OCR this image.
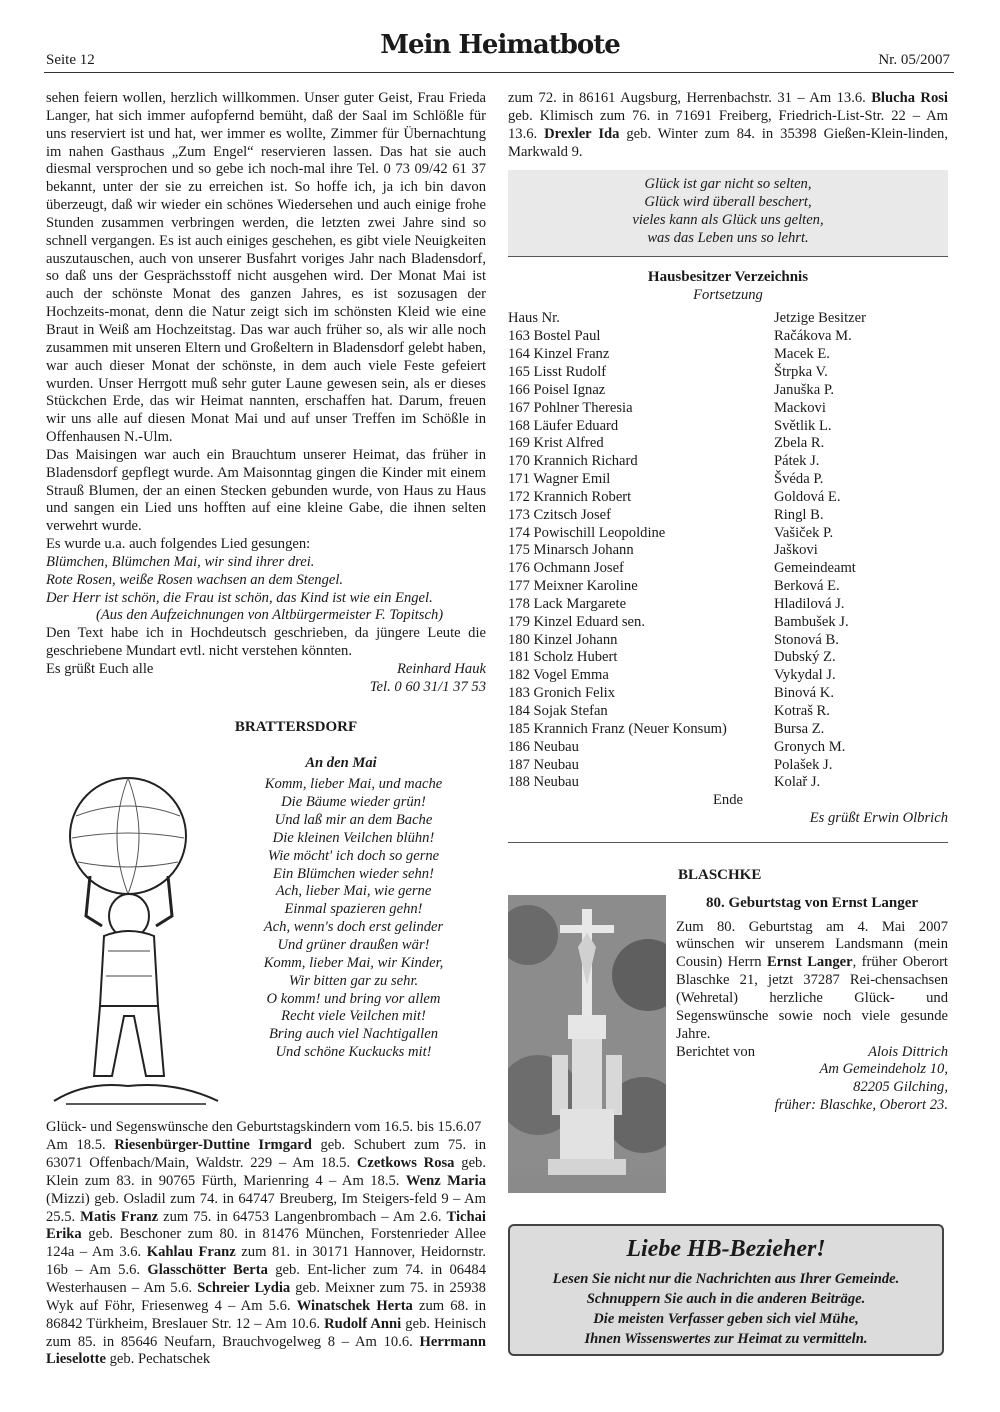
Seite 12	Mein Heimatbote	Nr. 05/2007

sehen feiern wollen, herzlich willkommen. Unser guter Geist, Frau Frieda Langer, hat sich immer aufopfernd bemüht, daß der Saal im Schlößle für uns reserviert ist und hat, wer immer es wollte, Zimmer für Übernachtung im nahen Gasthaus „Zum Engel“ reservieren lassen. Das hat sie auch diesmal versprochen und so gebe ich noch-mal ihre Tel. 0 73 09/42 61 37 bekannt, unter der sie zu erreichen ist. So hoffe ich, ja ich bin davon überzeugt, daß wir wieder ein schönes Wiedersehen und auch einige frohe Stunden zusammen verbringen werden, die letzten zwei Jahre sind so schnell vergangen. Es ist auch einiges geschehen, es gibt viele Neuigkeiten auszutauschen, auch von unserer Busfahrt voriges Jahr nach Bladensdorf, so daß uns der Gesprächsstoff nicht ausgehen wird. Der Monat Mai ist auch der schönste Monat des ganzen Jahres, es ist sozusagen der Hochzeits-monat, denn die Natur zeigt sich im schönsten Kleid wie eine Braut in Weiß am Hochzeitstag. Das war auch früher so, als wir alle noch zusammen mit unseren Eltern und Großeltern in Bladensdorf gelebt haben, war auch dieser Monat der schönste, in dem auch viele Feste gefeiert wurden. Unser Herrgott muß sehr guter Laune gewesen sein, als er dieses Stückchen Erde, das wir Heimat nannten, erschaffen hat. Darum, freuen wir uns alle auf diesen Monat Mai und auf unser Treffen im Schößle in Offenhausen N.-Ulm.

Das Maisingen war auch ein Brauchtum unserer Heimat, das früher in Bladensdorf gepflegt wurde. Am Maisonntag gingen die Kinder mit einem Strauß Blumen, der an einen Stecken gebunden wurde, von Haus zu Haus und sangen ein Lied uns hofften auf eine kleine Gabe, die ihnen selten verwehrt wurde.

Es wurde u.a. auch folgendes Lied gesungen:

Blümchen, Blümchen Mai, wir sind ihrer drei.

Rote Rosen, weiße Rosen wachsen an dem Stengel.

Der Herr ist schön, die Frau ist schön, das Kind ist wie ein Engel.

(Aus den Aufzeichnungen von Altbürgermeister F. Topitsch)

Den Text habe ich in Hochdeutsch geschrieben, da jüngere Leute die geschriebene Mundart evtl. nicht verstehen könnten.

Es grüßt Euch alle	Reinhard Hauk

Tel. 0 60 31/1 37 53

BRATTERSDORF
An den Mai
Komm, lieber Mai, und mache
Die Bäume wieder grün!
Und laß mir an dem Bache
Die kleinen Veilchen blühn!
Wie möcht' ich doch so gerne
Ein Blümchen wieder sehn!
Ach, lieber Mai, wie gerne
Einmal spazieren gehn!
Ach, wenn's doch erst gelinder
Und grüner draußen wär!
Komm, lieber Mai, wir Kinder,
Wir bitten gar zu sehr.
O komm! und bring vor allem
Recht viele Veilchen mit!
Bring auch viel Nachtigallen
Und schöne Kuckucks mit!

Glück- und Segenswünsche den Geburtstagskindern vom 16.5. bis 15.6.07

Am 18.5. Riesenbürger-Duttine Irmgard geb. Schubert zum 75. in 63071 Offenbach/Main, Waldstr. 229 – Am 18.5. Czetkows Rosa geb. Klein zum 83. in 90765 Fürth, Marienring 4 – Am 18.5. Wenz Maria (Mizzi) geb. Osladil zum 74. in 64747 Breuberg, Im Steigers-feld 9 – Am 25.5. Matis Franz zum 75. in 64753 Langenbrombach – Am 2.6. Tichai Erika geb. Beschoner zum 80. in 81476 München, Forstenrieder Allee 124a – Am 3.6. Kahlau Franz zum 81. in 30171 Hannover, Heidornstr. 16b – Am 5.6. Glasschötter Berta geb. Ent-licher zum 74. in 06484 Westerhausen – Am 5.6. Schreier Lydia geb. Meixner zum 75. in 25938 Wyk auf Föhr, Friesenweg 4 – Am 5.6. Winatschek Herta zum 68. in 86842 Türkheim, Breslauer Str. 12 – Am 10.6. Rudolf Anni geb. Heinisch zum 85. in 85646 Neufarn, Brauchvogelweg 8 – Am 10.6. Herrmann Lieselotte geb. Pechatschek

zum 72. in 86161 Augsburg, Herrenbachstr. 31 – Am 13.6. Blucha Rosi geb. Klimisch zum 76. in 71691 Freiberg, Friedrich-List-Str. 22 – Am 13.6. Drexler Ida geb. Winter zum 84. in 35398 Gießen-Klein-linden, Markwald 9.

Glück ist gar nicht so selten,
Glück wird überall beschert,
vieles kann als Glück uns gelten,
was das Leben uns so lehrt.
Hausbesitzer Verzeichnis
Fortsetzung
Haus Nr.	Jetzige Besitzer
163 Bostel Paul	Račákova M.
164 Kinzel Franz	Macek E.
165 Lisst Rudolf	Štrpka V.
166 Poisel Ignaz	Januška P.
167 Pohlner Theresia	Mackovi
168 Läufer Eduard	Světlik L.
169 Krist Alfred	Zbela R.
170 Krannich Richard	Pátek J.
171 Wagner Emil	Švéda P.
172 Krannich Robert	Goldová E.
173 Czitsch Josef	Ringl B.
174 Powischill Leopoldine	Vašiček P.
175 Minarsch Johann	Jaškovi
176 Ochmann Josef	Gemeindeamt
177 Meixner Karoline	Berková E.
178 Lack Margarete	Hladilová J.
179 Kinzel Eduard sen.	Bambušek J.
180 Kinzel Johann	Stonová B.
181 Scholz Hubert	Dubský Z.
182 Vogel Emma	Vykydal J.
183 Gronich Felix	Binová K.
184 Sojak Stefan	Kotraš R.
185 Krannich Franz (Neuer Konsum)	Bursa Z.
186 Neubau	Gronych M.
187 Neubau	Polašek J.
188 Neubau	Kolař J.
Ende
Es grüßt Erwin Olbrich
BLASCHKE
80. Geburtstag von Ernst Langer

Zum 80. Geburtstag am 4. Mai 2007 wünschen wir unserem Landsmann (mein Cousin) Herrn Ernst Langer, früher Oberort Blaschke 21, jetzt 37287 Rei-chensachsen (Wehretal) herzliche Glück- und Segenswünsche sowie noch viele gesunde Jahre.

Berichtet von	Alois Dittrich

Am Gemeindeholz 10,

82205 Gilching,

früher: Blaschke, Oberort 23.

Liebe HB-Bezieher!
Lesen Sie nicht nur die Nachrichten aus Ihrer Gemeinde.
Schnuppern Sie auch in die anderen Beiträge.
Die meisten Verfasser geben sich viel Mühe,
Ihnen Wissenswertes zur Heimat zu vermitteln.
